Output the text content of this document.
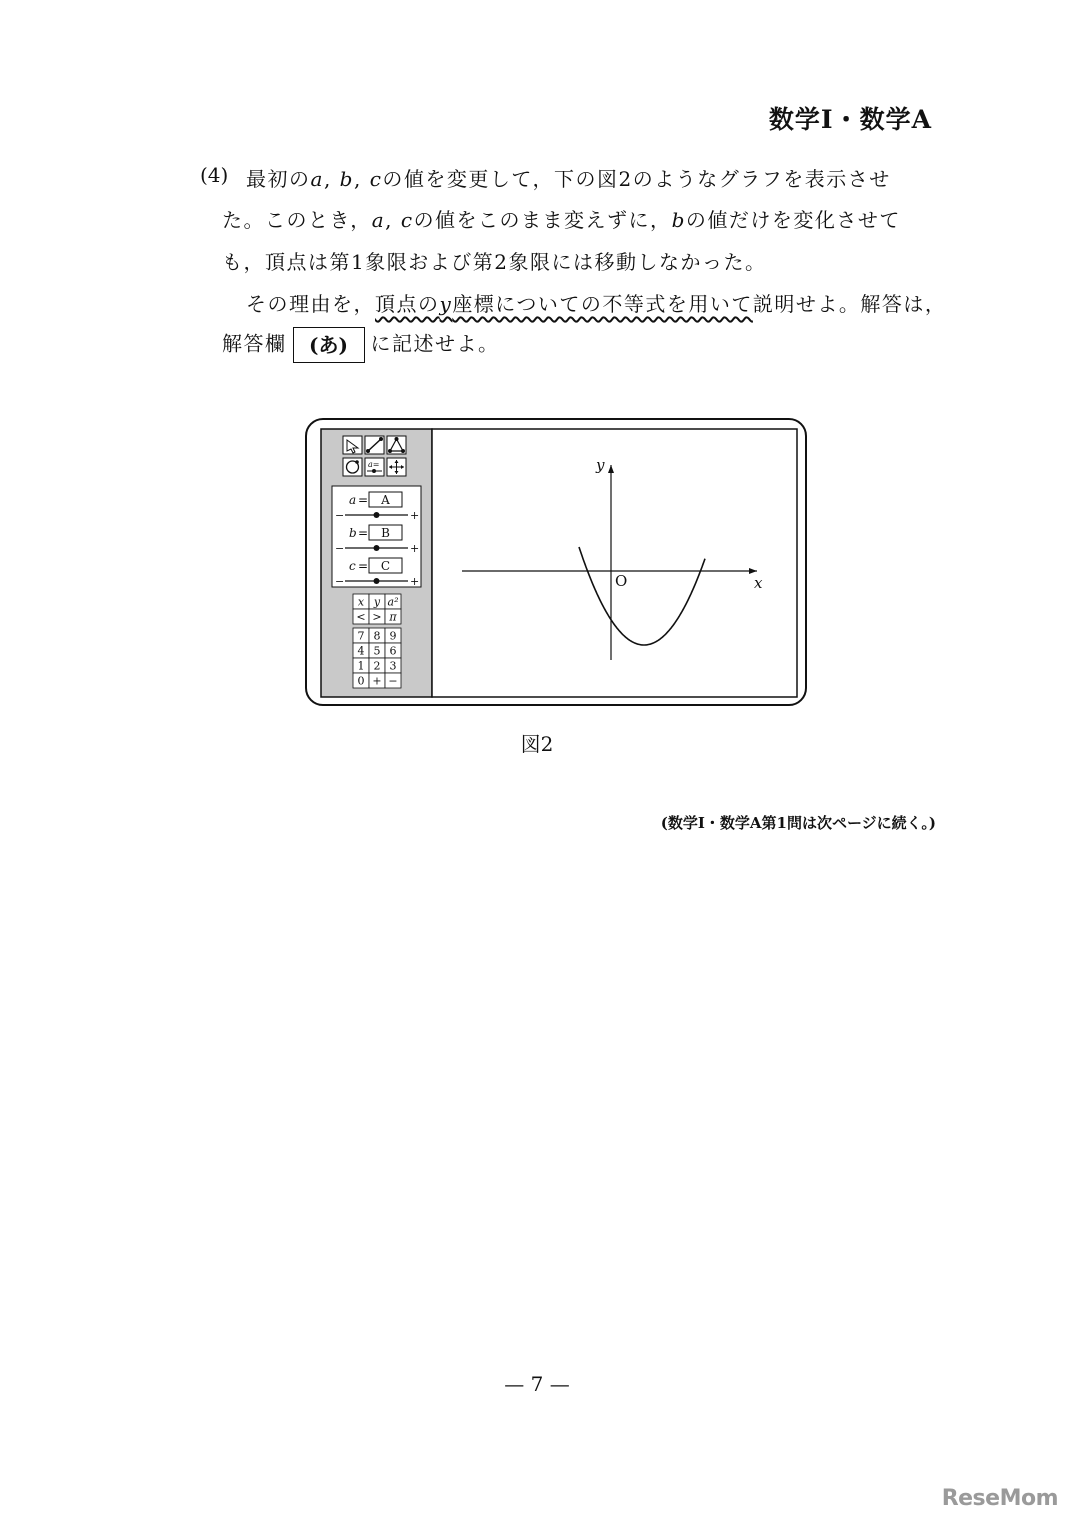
数学Ⅰ・数学A
(4) 最初のa, b, cの値を変更して，下の図2のようなグラフを表示させ
た。このとき，a, cの値をこのまま変えずに，bの値だけを変化させて
も，頂点は第1象限および第2象限には移動しなかった。
その理由を，頂点のy座標についての不等式を用いて説明せよ。解答は，
解答欄 (あ) に記述せよ。
a=
a = A
−	+
b = B
−	+
c = C
−	+
x y a²
< > π
7 8 9
4 5 6
1 2 3
0 + −
x
y
O
図2
(数学Ⅰ・数学A第1問は次ページに続く。)
— 7 —
ReseMom
